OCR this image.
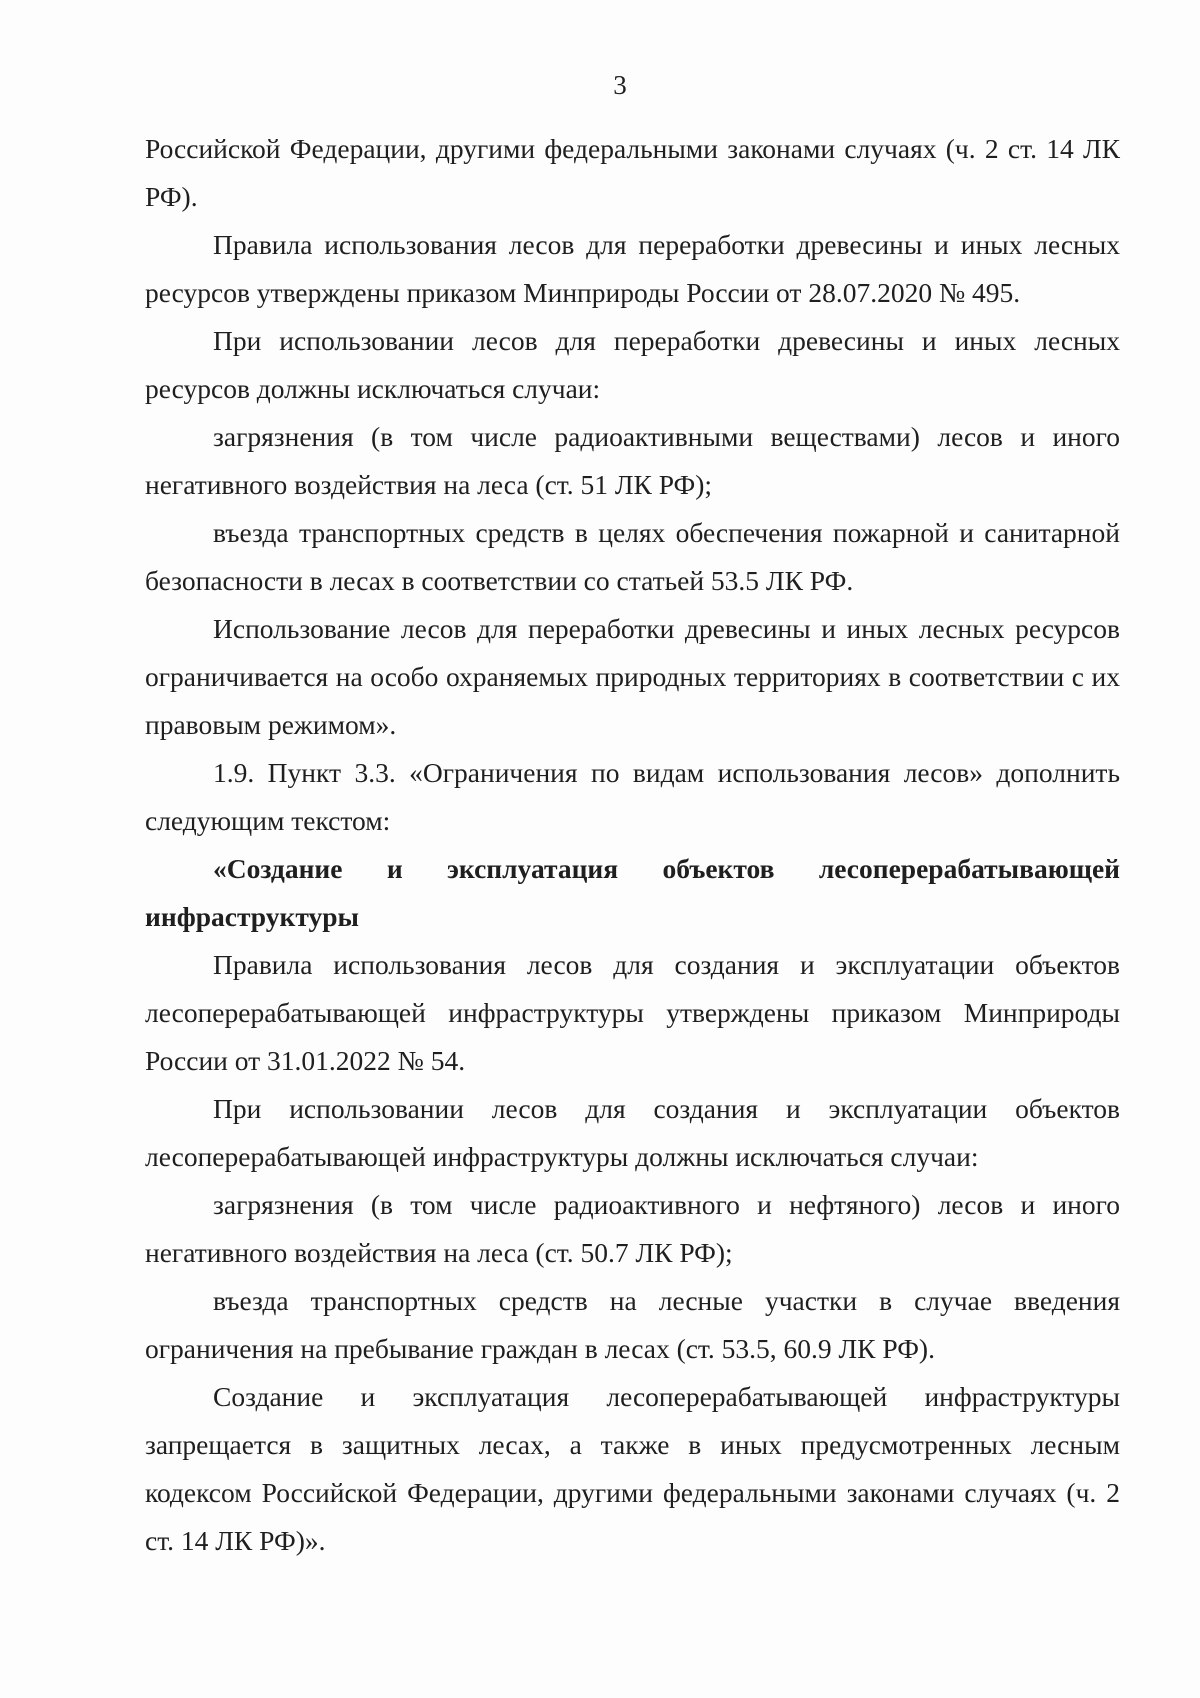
3

Российской Федерации, другими федеральными законами случаях (ч. 2 ст. 14 ЛК РФ).

Правила использования лесов для переработки древесины и иных лесных ресурсов утверждены приказом Минприроды России от 28.07.2020 № 495.

При использовании лесов для переработки древесины и иных лесных ресурсов должны исключаться случаи:

загрязнения (в том числе радиоактивными веществами) лесов и иного негативного воздействия на леса (ст. 51 ЛК РФ);

въезда транспортных средств в целях обеспечения пожарной и санитарной безопасности в лесах в соответствии со статьей 53.5 ЛК РФ.

Использование лесов для переработки древесины и иных лесных ресурсов ограничивается на особо охраняемых природных территориях в соответствии с их правовым режимом».

1.9. Пункт 3.3. «Ограничения по видам использования лесов» дополнить следующим текстом:

«Создание и эксплуатация объектов лесоперерабатывающей инфраструктуры

Правила использования лесов для создания и эксплуатации объектов лесоперерабатывающей инфраструктуры утверждены приказом Минприроды России от 31.01.2022 № 54.

При использовании лесов для создания и эксплуатации объектов лесоперерабатывающей инфраструктуры должны исключаться случаи:

загрязнения (в том числе радиоактивного и нефтяного) лесов и иного негативного воздействия на леса (ст. 50.7 ЛК РФ);

въезда транспортных средств на лесные участки в случае введения ограничения на пребывание граждан в лесах (ст. 53.5, 60.9 ЛК РФ).

Создание и эксплуатация лесоперерабатывающей инфраструктуры запрещается в защитных лесах, а также в иных предусмотренных лесным кодексом Российской Федерации, другими федеральными законами случаях (ч. 2 ст. 14 ЛК РФ)».
